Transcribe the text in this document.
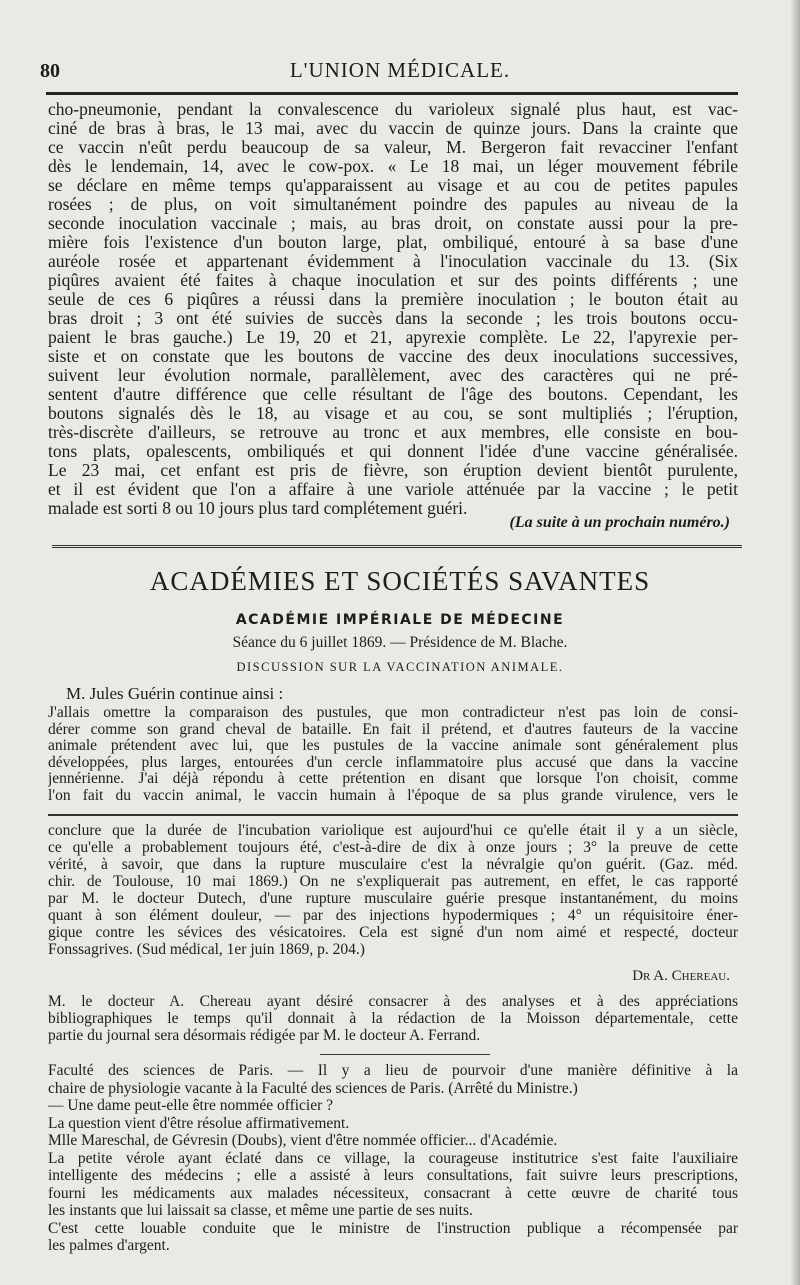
80	L'UNION MÉDICALE.
cho-pneumonie, pendant la convalescence du varioleux signalé plus haut, est vac-
ciné de bras à bras, le 13 mai, avec du vaccin de quinze jours. Dans la crainte que
ce vaccin n'eût perdu beaucoup de sa valeur, M. Bergeron fait revacciner l'enfant
dès le lendemain, 14, avec le cow-pox. « Le 18 mai, un léger mouvement fébrile
se déclare en même temps qu'apparaissent au visage et au cou de petites papules
rosées ; de plus, on voit simultanément poindre des papules au niveau de la
seconde inoculation vaccinale ; mais, au bras droit, on constate aussi pour la pre-
mière fois l'existence d'un bouton large, plat, ombiliqué, entouré à sa base d'une
auréole rosée et appartenant évidemment à l'inoculation vaccinale du 13. (Six
piqûres avaient été faites à chaque inoculation et sur des points différents ; une
seule de ces 6 piqûres a réussi dans la première inoculation ; le bouton était au
bras droit ; 3 ont été suivies de succès dans la seconde ; les trois boutons occu-
paient le bras gauche.) Le 19, 20 et 21, apyrexie complète. Le 22, l'apyrexie per-
siste et on constate que les boutons de vaccine des deux inoculations successives,
suivent leur évolution normale, parallèlement, avec des caractères qui ne pré-
sentent d'autre différence que celle résultant de l'âge des boutons. Cependant, les
boutons signalés dès le 18, au visage et au cou, se sont multipliés ; l'éruption,
très-discrète d'ailleurs, se retrouve au tronc et aux membres, elle consiste en bou-
tons plats, opalescents, ombiliqués et qui donnent l'idée d'une vaccine généralisée.
Le 23 mai, cet enfant est pris de fièvre, son éruption devient bientôt purulente,
et il est évident que l'on a affaire à une variole atténuée par la vaccine ; le petit
malade est sorti 8 ou 10 jours plus tard complétement guéri.
(La suite à un prochain numéro.)
ACADÉMIES ET SOCIÉTÉS SAVANTES
ACADÉMIE IMPÉRIALE DE MÉDECINE
Séance du 6 juillet 1869. — Présidence de M. Blache.
DISCUSSION SUR LA VACCINATION ANIMALE.
M. Jules Guérin continue ainsi :
J'allais omettre la comparaison des pustules, que mon contradicteur n'est pas loin de consi-
dérer comme son grand cheval de bataille. En fait il prétend, et d'autres fauteurs de la vaccine
animale prétendent avec lui, que les pustules de la vaccine animale sont généralement plus
développées, plus larges, entourées d'un cercle inflammatoire plus accusé que dans la vaccine
jennérienne. J'ai déjà répondu à cette prétention en disant que lorsque l'on choisit, comme
l'on fait du vaccin animal, le vaccin humain à l'époque de sa plus grande virulence, vers le
conclure que la durée de l'incubation variolique est aujourd'hui ce qu'elle était il y a un siècle,
ce qu'elle a probablement toujours été, c'est-à-dire de dix à onze jours ; 3° la preuve de cette
vérité, à savoir, que dans la rupture musculaire c'est la névralgie qu'on guérit. (Gaz. méd.
chir. de Toulouse, 10 mai 1869.) On ne s'expliquerait pas autrement, en effet, le cas rapporté
par M. le docteur Dutech, d'une rupture musculaire guérie presque instantanément, du moins
quant à son élément douleur, — par des injections hypodermiques ; 4° un réquisitoire éner-
gique contre les sévices des vésicatoires. Cela est signé d'un nom aimé et respecté, docteur
Fonssagrives. (Sud médical, 1er juin 1869, p. 204.)
Dr A. Chereau.
M. le docteur A. Chereau ayant désiré consacrer à des analyses et à des appréciations
bibliographiques le temps qu'il donnait à la rédaction de la Moisson départementale, cette
partie du journal sera désormais rédigée par M. le docteur A. Ferrand.
Faculté des sciences de Paris. — Il y a lieu de pourvoir d'une manière définitive à la
chaire de physiologie vacante à la Faculté des sciences de Paris. (Arrêté du Ministre.)
— Une dame peut-elle être nommée officier ?
La question vient d'être résolue affirmativement.
Mlle Mareschal, de Gévresin (Doubs), vient d'être nommée officier... d'Académie.
La petite vérole ayant éclaté dans ce village, la courageuse institutrice s'est faite l'auxiliaire
intelligente des médecins ; elle a assisté à leurs consultations, fait suivre leurs prescriptions,
fourni les médicaments aux malades nécessiteux, consacrant à cette œuvre de charité tous
les instants que lui laissait sa classe, et même une partie de ses nuits.
C'est cette louable conduite que le ministre de l'instruction publique a récompensée par
les palmes d'argent.
